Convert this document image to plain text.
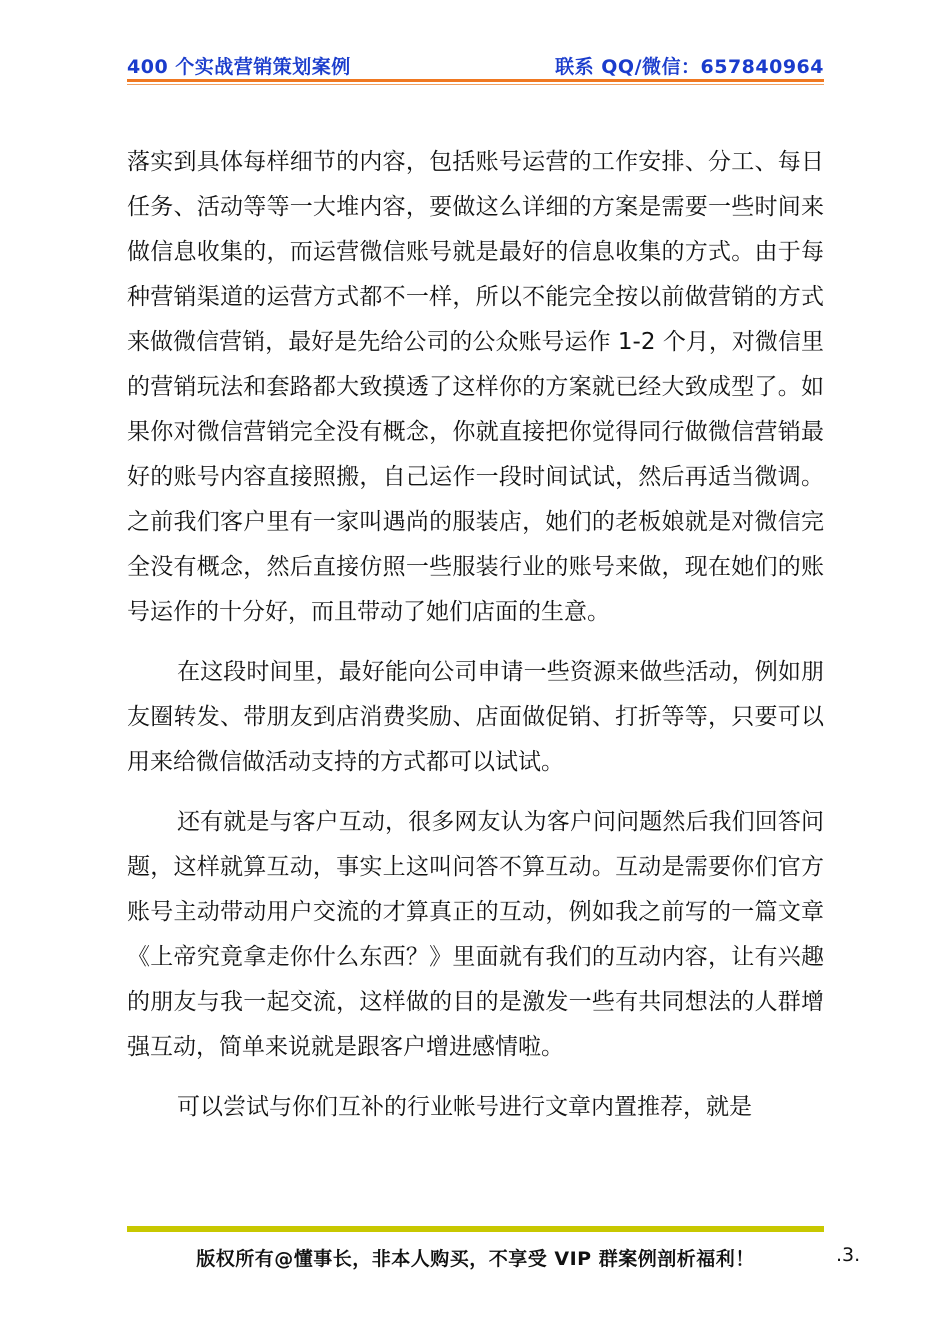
400 个实战营销策划案例	联系 QQ/微信：657840964

落实到具体每样细节的内容，包括账号运营的工作安排、分工、每日任务、活动等等一大堆内容，要做这么详细的方案是需要一些时间来做信息收集的，而运营微信账号就是最好的信息收集的方式。由于每种营销渠道的运营方式都不一样，所以不能完全按以前做营销的方式来做微信营销，最好是先给公司的公众账号运作 1-2 个月，对微信里的营销玩法和套路都大致摸透了这样你的方案就已经大致成型了。如果你对微信营销完全没有概念，你就直接把你觉得同行做微信营销最好的账号内容直接照搬，自己运作一段时间试试，然后再适当微调。之前我们客户里有一家叫遇尚的服装店，她们的老板娘就是对微信完全没有概念，然后直接仿照一些服装行业的账号来做，现在她们的账号运作的十分好，而且带动了她们店面的生意。

在这段时间里，最好能向公司申请一些资源来做些活动，例如朋友圈转发、带朋友到店消费奖励、店面做促销、打折等等，只要可以用来给微信做活动支持的方式都可以试试。

还有就是与客户互动，很多网友认为客户问问题然后我们回答问题，这样就算互动，事实上这叫问答不算互动。互动是需要你们官方账号主动带动用户交流的才算真正的互动，例如我之前写的一篇文章《上帝究竟拿走你什么东西？》里面就有我们的互动内容，让有兴趣的朋友与我一起交流，这样做的目的是激发一些有共同想法的人群增强互动，简单来说就是跟客户增进感情啦。

可以尝试与你们互补的行业帐号进行文章内置推荐，就是

版权所有@懂事长，非本人购买，不享受 VIP 群案例剖析福利！	.3.
